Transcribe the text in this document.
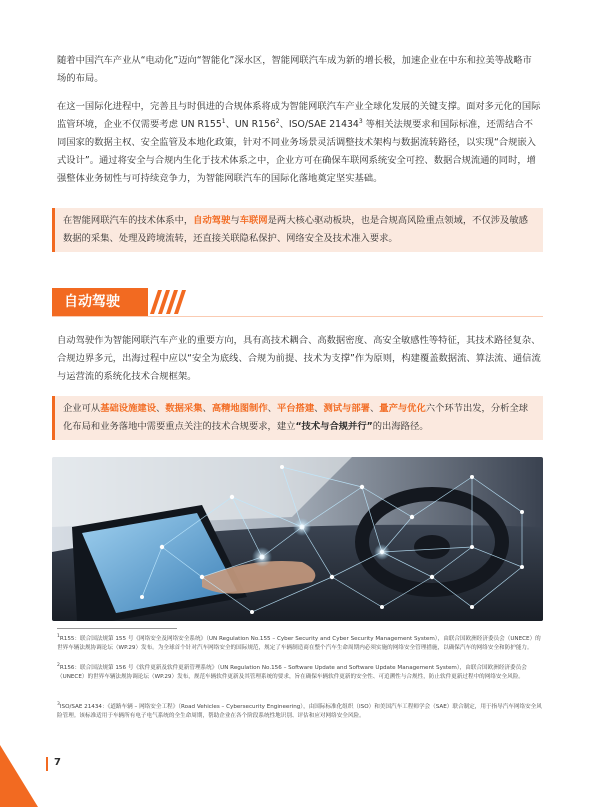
随着中国汽车产业从“电动化”迈向“智能化”深水区，智能网联汽车成为新的增长极，加速企业在中东和拉美等战略市场的布局。

在这一国际化进程中，完善且与时俱进的合规体系将成为智能网联汽车产业全球化发展的关键支撑。面对多元化的国际监管环境，企业不仅需要考虑 UN $R155^1$、UN $R156^2$、ISO/SAE 21434$^3$ 等相关法规要求和国际标准，还需结合不同国家的数据主权、安全监管及本地化政策，针对不同业务场景灵活调整技术架构与数据流转路径，以实现“合规嵌入式设计”。通过将安全与合规内生化于技术体系之中，企业方可在确保车联网系统安全可控、数据合规流通的同时，增强整体业务韧性与可持续竞争力，为智能网联汽车的国际化落地奠定坚实基础。

在智能网联汽车的技术体系中，自动驾驶与车联网是两大核心驱动板块，也是合规高风险重点领域，不仅涉及敏感数据的采集、处理及跨境流转，还直接关联隐私保护、网络安全及技术准入要求。
自动驾驶

自动驾驶作为智能网联汽车产业的重要方向，具有高技术耦合、高数据密度、高安全敏感性等特征，其技术路径复杂、合规边界多元，出海过程中应以“安全为底线、合规为前提、技术为支撑”作为原则，构建覆盖数据流、算法流、通信流与运营流的系统化技术合规框架。

企业可从基础设施建设、数据采集、高精地图制作、平台搭建、测试与部署、量产与优化六个环节出发，分析全球化布局和业务落地中需要重点关注的技术合规要求，建立“技术与合规并行”的出海路径。
$^1$R155：联合国法规第 155 号《网络安全及网络安全系统》（UN Regulation No.155 – Cyber Security and Cyber Security Management System），由联合国欧洲经济委员会（UNECE）的世界车辆法规协调论坛（WP.29）发布。为全球首个针对汽车网络安全的国际规范，规定了车辆制造商在整个汽车生命周期内必须实施的网络安全管理措施，以确保汽车的网络安全和防护能力。
$^2$R156：联合国法规第 156 号《软件更新及软件更新管理系统》（UN Regulation No.156 – Software Update and Software Update Management System），由联合国欧洲经济委员会（UNECE）的世界车辆法规协调论坛（WP.29）发布，规范车辆软件更新及其管理系统的要求，旨在确保车辆软件更新的安全性、可追溯性与合规性，防止软件更新过程中的网络安全风险。
$^3$ISO/SAE 21434：《道路车辆 – 网络安全工程》（Road Vehicles – Cybersecurity Engineering），由国际标准化组织（ISO）和美国汽车工程师学会（SAE）联合制定，用于指导汽车网络安全风险管理。该标准适用于车辆所有电子电气系统的全生命周期，帮助企业在各个阶段系统性地识别、评估和应对网络安全风险。
7
